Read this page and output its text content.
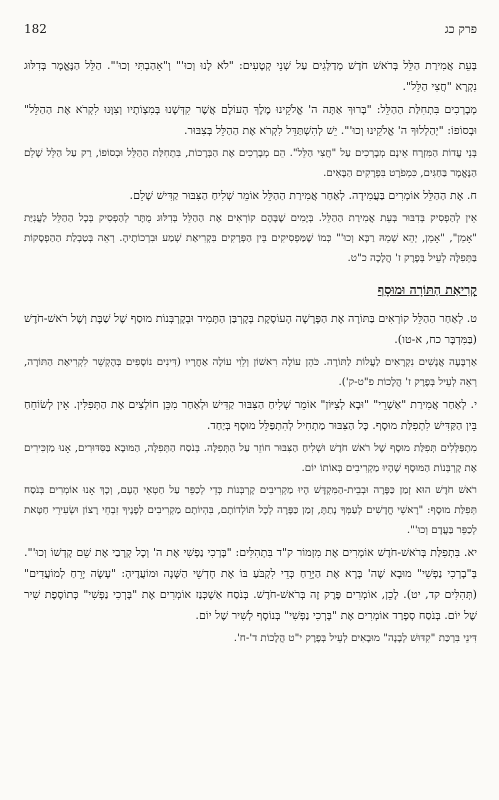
פרק כג
182

בְּעֵת אֲמִירַת הַלֵּל בְּרֹאשׁ חֹדֶשׁ מְדַלְּגִים עַל שְׁנֵי קְטָעִים: "לֹא לָנוּ וְכוּ'" וְ"אָהַבְתִּי וְכוּ'". הַלֵּל הַנֶּאֱמָר בְּדִלּוּג נִקְרָא "חֲצִי הַלֵּל".

מְבָרְכִים בִּתְחִלַּת הַהַלֵּל: "בָּרוּךְ אַתָּה ה' אֱלֹקֵינוּ מֶלֶךְ הָעוֹלָם אֲשֶׁר קִדְּשָׁנוּ בְּמִצְוֹתָיו וְצִוָּנוּ לִקְרֹא אֶת הַהַלֵּל" וּבְסוֹפוֹ: "יְהַלְלוּךָ ה' אֱלֹקֵינוּ וְכוּ'". יֵשׁ לְהִשְׁתַּדֵּל לִקְרֹא אֶת הַהַלֵּל בְּצִבּוּר.

בְּנֵי עֲדוֹת הַמִּזְרָח אֵינָם מְבָרְכִים עַל "חֲצִי הַלֵּל". הֵם מְבָרְכִים אֶת הַבְּרָכוֹת, בִּתְחִלַּת הַהַלֵּל וּבְסוֹפוֹ, רַק עַל הַלֵּל שָׁלֵם הַנֶּאֱמָר בַּחַגִּים, כִּמְפֹרָט בִּפְרָקִים הַבָּאִים.

ח. אֶת הַהַלֵּל אוֹמְרִים בַּעֲמִידָה. לְאַחַר אֲמִירַת הַהַלֵּל אוֹמֵר שְׁלִיחַ הַצִּבּוּר קַדִּישׁ שָׁלֵם.

אֵין לְהַפְסִיק בְּדִבּוּר בְּעֵת אֲמִירַת הַהַלֵּל. בְּיָמִים שֶׁבָּהֶם קוֹרְאִים אֶת הַהַלֵּל בְּדִלּוּג מֻתָּר לְהַפְסִיק בְּכָל הַהַלֵּל לַעֲנִיַּת "אָמֵן", "אָמֵן, יְהֵא שְׁמֵהּ רַבָּא וְכוּ'" כְּמוֹ שֶׁמַּפְסִיקִים בֵּין הַפְּרָקִים בִּקְרִיאַת שְׁמַע וּבִרְכוֹתֶיהָ. רְאֵה בְּטַבְלַת הַהַפְסָקוֹת בַּתְּפִלָּה לְעֵיל בְּפֶרֶק ז' הֲלָכָה כ"ט.

קְרִיאַת הַתּוֹרָה וּמוּסָף

ט. לְאַחַר הַהַלֵּל קוֹרְאִים בַּתּוֹרָה אֶת הַפָּרָשָׁה הָעוֹסֶקֶת בְּקָרְבַּן הַתָּמִיד וּבְקָרְבְּנוֹת מוּסַף שֶׁל שַׁבָּת וְשֶׁל רֹאשׁ-חֹדֶשׁ (בַּמִּדְבָּר כח, א-טו).

אַרְבָּעָה אֲנָשִׁים נִקְרָאִים לַעֲלוֹת לַתּוֹרָה. כֹּהֵן עוֹלֶה רִאשׁוֹן וְלֵוִי עוֹלֶה אַחֲרָיו (דִּינִים נוֹסָפִים בְּהֶקְשֵׁר לִקְרִיאַת הַתּוֹרָה, רְאֵה לְעֵיל בְּפֶרֶק ז' הֲלָכוֹת פ"ט-ק').

י. לְאַחַר אֲמִירַת "אַשְׁרֵי" "וּבָא לְצִיּוֹן" אוֹמֵר שְׁלִיחַ הַצִּבּוּר קַדִּישׁ וּלְאַחַר מִכֵּן חוֹלְצִים אֶת הַתְּפִלִּין. אֵין לְשׂוֹחֵחַ בֵּין הַקַּדִּישׁ לִתְפִלַּת מוּסָף. כָּל הַצִּבּוּר מַתְחִיל לְהִתְפַּלֵּל מוּסָף בְּיַחַד.

מִתְפַּלְּלִים תְּפִלַּת מוּסָף שֶׁל רֹאשׁ חֹדֶשׁ וּשְׁלִיחַ הַצִּבּוּר חוֹזֵר עַל הַתְּפִלָּה. בְּנֹסַח הַתְּפִלָּה, הַמּוּבָא בַּסִּדּוּרִים, אָנוּ מַזְכִּירִים אֶת קָרְבְּנוֹת הַמּוּסָף שֶׁהָיוּ מַקְרִיבִים בְּאוֹתוֹ יוֹם.

רֹאשׁ חֹדֶשׁ הוּא זְמַן כַּפָּרָה וּבְבֵית-הַמִּקְדָּשׁ הָיוּ מַקְרִיבִים קָרְבְּנוֹת כְּדֵי לְכַפֵּר עַל חַטְאֵי הָעָם, וְכָךְ אָנוּ אוֹמְרִים בְּנֹסַח תְּפִלַּת מוּסָף: "רָאשֵׁי חֳדָשִׁים לְעַמְּךָ נָתַתָּ, זְמַן כַּפָּרָה לְכָל תּוֹלְדוֹתָם, בִּהְיוֹתָם מַקְרִיבִים לְפָנֶיךָ זִבְחֵי רָצוֹן וּשְׂעִירֵי חַטָּאת לְכַפֵּר בַּעֲדָם וְכוּ'".

יא. בִּתְפִלַּת בְּרֹאשׁ-חֹדֶשׁ אוֹמְרִים אֶת מִזְמוֹר ק"ד בִּתְהִלִּים: "בָּרְכִי נַפְשִׁי אֶת ה' וְכָל קְרָבַי אֶת שֵׁם קָדְשׁוֹ וְכוּ'". בְּ"בָרְכִי נַפְשִׁי" מוּבָא שֶׁה' בָּרָא אֶת הַיָּרֵחַ כְּדֵי לִקְבֹּעַ בּוֹ אֶת חָדְשֵׁי הַשָּׁנָה וּמוֹעֲדֶיהָ: "עָשָׂה יָרֵחַ לְמוֹעֲדִים" (תְּהִלִּים קד, יט). לָכֵן, אוֹמְרִים פֶּרֶק זֶה בְּרֹאשׁ-חֹדֶשׁ. בְּנֹסַח אַשְׁכְּנַז אוֹמְרִים אֶת "בָּרְכִי נַפְשִׁי" כְּתוֹסֶפֶת שִׁיר שֶׁל יוֹם. בְּנֹסַח סְפָרַד אוֹמְרִים אֶת "בָּרְכִי נַפְשִׁי" בְּנוֹסָף לְשִׁיר שֶׁל יוֹם.

דִּינֵי בִּרְכַּת "קִדּוּשׁ לְבָנָה" מוּבָאִים לְעֵיל בְּפֶרֶק י"ט הֲלָכוֹת ד'-ח'.
